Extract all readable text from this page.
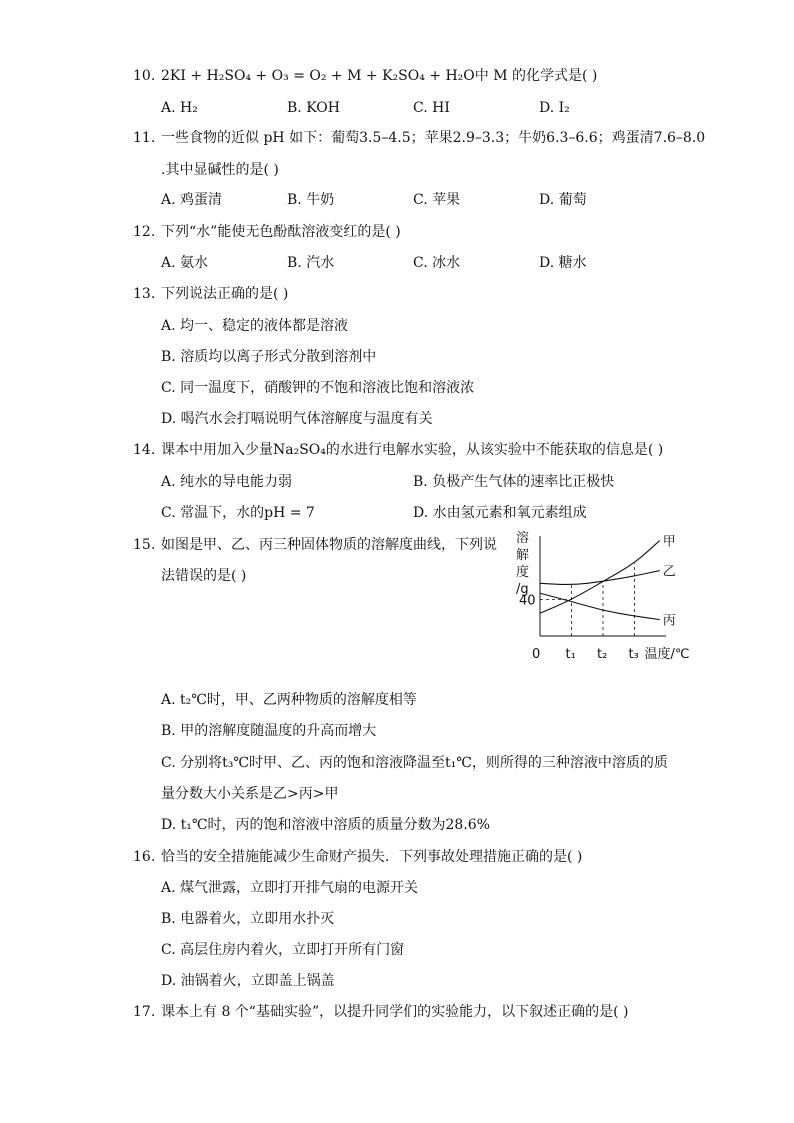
10. 2KI + H₂SO₄ + O₃ = O₂ + M + K₂SO₄ + H₂O中 M 的化学式是( )
A. H₂	B. KOH	C. HI	D. I₂
11. 一些食物的近似 pH 如下：葡萄3.5–4.5；苹果2.9–3.3；牛奶6.3–6.6；鸡蛋清7.6–8.0
.其中显碱性的是( )
A. 鸡蛋清	B. 牛奶	C. 苹果	D. 葡萄
12. 下列“水”能使无色酚酞溶液变红的是( )
A. 氨水	B. 汽水	C. 冰水	D. 糖水
13. 下列说法正确的是( )
A. 均一、稳定的液体都是溶液
B. 溶质均以离子形式分散到溶剂中
C. 同一温度下，硝酸钾的不饱和溶液比饱和溶液浓
D. 喝汽水会打嗝说明气体溶解度与温度有关
14. 课本中用加入少量Na₂SO₄的水进行电解水实验，从该实验中不能获取的信息是( )
A. 纯水的导电能力弱	B. 负极产生气体的速率比正极快
C. 常温下，水的pH = 7	D. 水由氢元素和氧元素组成
15. 如图是甲、乙、丙三种固体物质的溶解度曲线，下列说
法错误的是( )
A. t₂℃时，甲、乙两种物质的溶解度相等
B. 甲的溶解度随温度的升高而增大
C. 分别将t₃℃时甲、乙、丙的饱和溶液降温至t₁℃，则所得的三种溶液中溶质的质
量分数大小关系是乙>丙>甲
D. t₁℃时，丙的饱和溶液中溶质的质量分数为28.6%
甲
乙
丙
溶
解
度
/g
40
0 t₁ t₂ t₃ 温度/℃
16. 恰当的安全措施能减少生命财产损失．下列事故处理措施正确的是( )
A. 煤气泄露，立即打开排气扇的电源开关
B. 电器着火，立即用水扑灭
C. 高层住房内着火，立即打开所有门窗
D. 油锅着火，立即盖上锅盖
17. 课本上有 8 个“基础实验”，以提升同学们的实验能力，以下叙述正确的是( )
